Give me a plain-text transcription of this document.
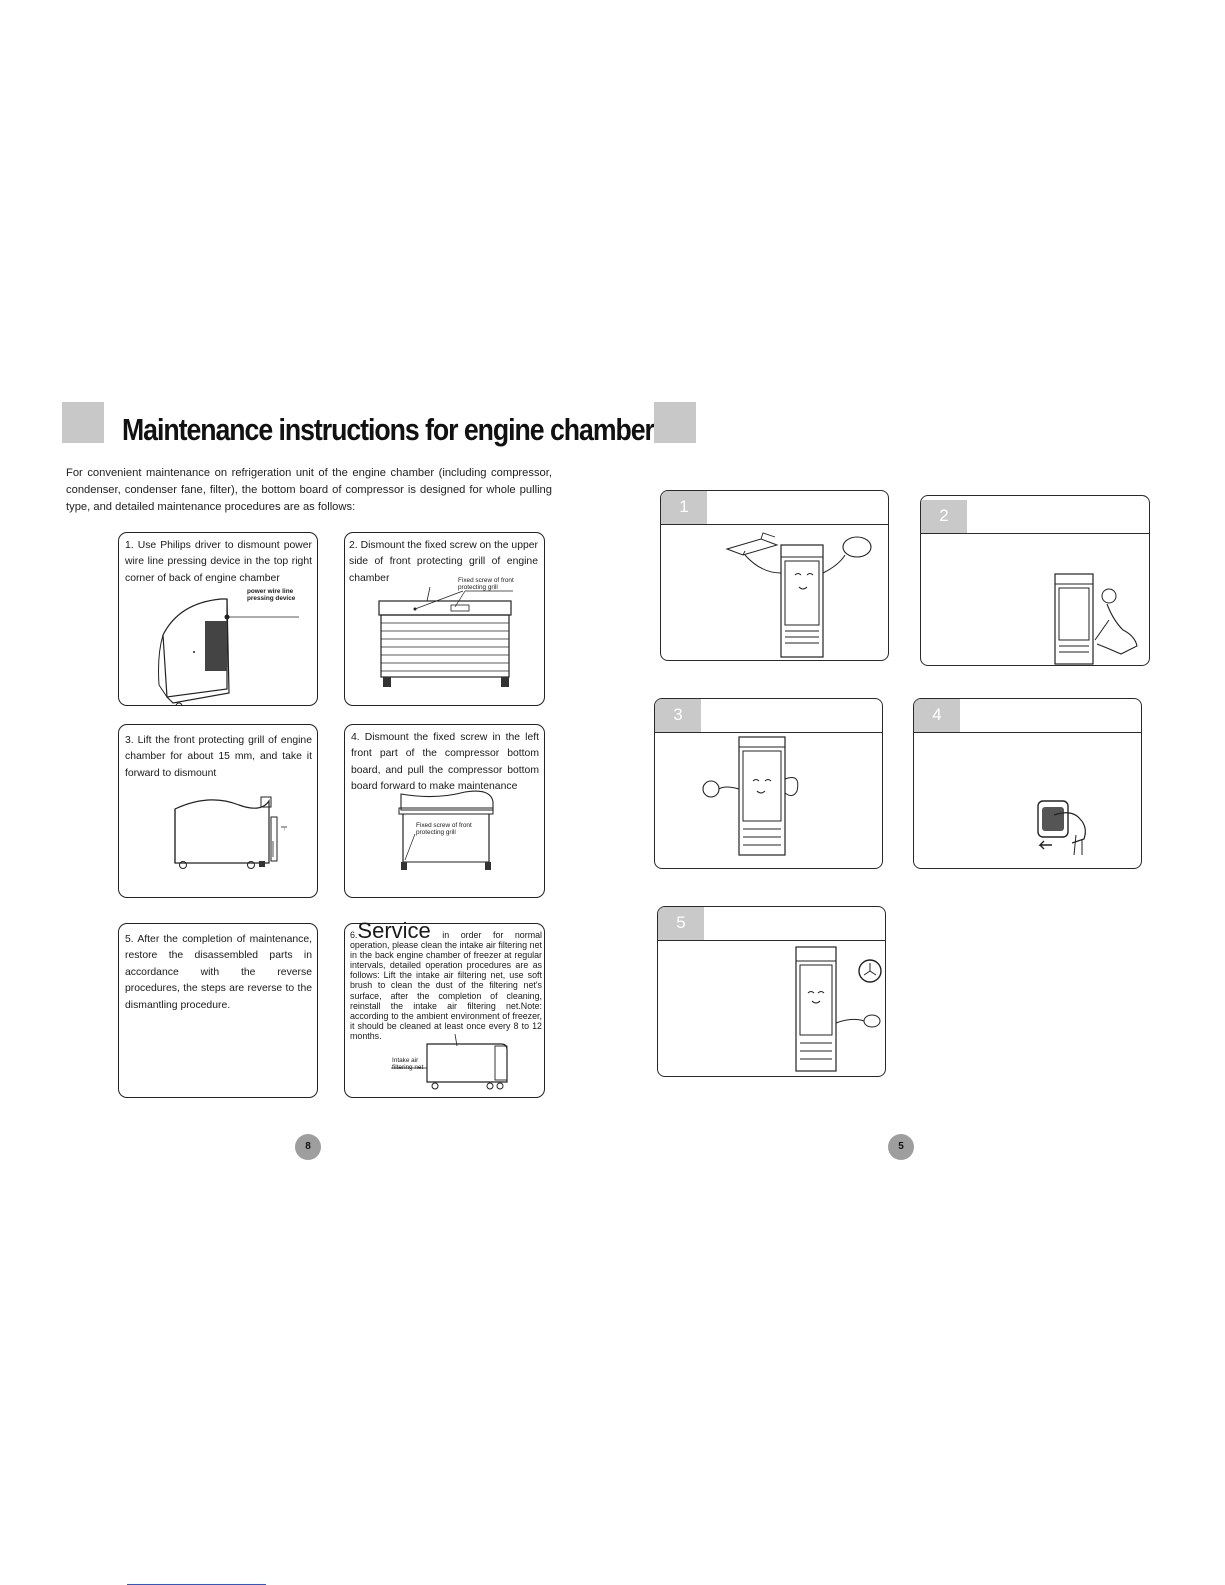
Maintenance instructions for engine chamber
For convenient maintenance on refrigeration unit of the engine chamber (including compressor, condenser, condenser fane, filter), the bottom board of compressor is designed for whole pulling type, and detailed maintenance procedures are as follows:
1. Use Philips driver to dismount power wire line pressing device in the top right corner of back of engine chamber
power wire line pressing device
2. Dismount the fixed screw on the upper side of front protecting grill of engine chamber	Fixed screw of front protecting grill
3. Lift the front protecting grill of engine chamber for about 15 mm, and take it forward to dismount
↑
4. Dismount the fixed screw in the left front part of the compressor bottom board, and pull the compressor bottom board forward to make maintenance
Fixed screw of front protecting grill
5. After the completion of maintenance, restore the disassembled parts in accordance with the reverse procedures, the steps are reverse to the dismantling procedure.
6.Service in order for normal operation, please clean the intake air filtering net in the back engine chamber of freezer at regular intervals, detailed operation procedures are as follows: Lift the intake air filtering net, use soft brush to clean the dust of the filtering net's surface, after the completion of cleaning, reinstall the intake air filtering net.Note: according to the ambient environment of freezer, it should be cleaned at least once every 8 to 12 months.
Intake air filtering net
8
1	2
3	4
5
5
